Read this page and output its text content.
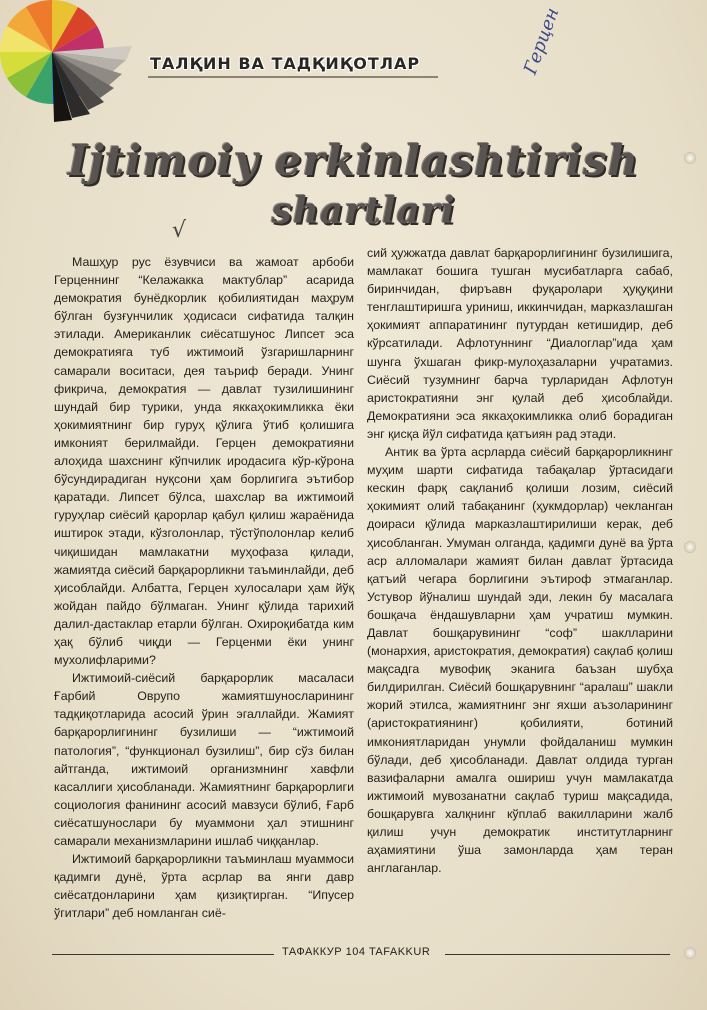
ТАЛҚИН ВА ТАДҚИҚОТЛАР	Герцен
Ijtimoiy erkinlashtirish
shartlari
√

Машҳур рус ёзувчиси ва жамоат арбоби Герценнинг “Келажакка мактублар” асарида демократия бунёдкорлик қобилиятидан маҳрум бўлган бузғунчилик ҳодисаси сифатида талқин этилади. Американлик сиёсатшунос Липсет эса демократияга туб ижтимоий ўзгаришларнинг самарали воситаси, дея таъриф беради. Унинг фикрича, демократия — давлат тузилишининг шундай бир турики, унда яккаҳокимликка ёки ҳокимиятнинг бир гуруҳ қўлига ўтиб қолишига имконият берилмайди. Герцен демократияни алоҳида шахснинг кўпчилик иродасига кўр-кўрона бўсундирадиган нуқсони ҳам борлигига эътибор қаратади. Липсет бўлса, шахслар ва ижтимоий гуруҳлар сиёсий қарорлар қабул қилиш жараёнида иштирок этади, кўзголонлар, тўстўполонлар келиб чиқишидан мамлакатни муҳофаза қилади, жамиятда сиёсий барқарорликни таъминлайди, деб ҳисоблайди. Албатта, Герцен хулосалари ҳам йўқ жойдан пайдо бўлмаган. Унинг қўлида тарихий далил-дастаклар етарли бўлган. Охироқибатда ким ҳақ бўлиб чиқди — Герценми ёки унинг мухолифларими?

Ижтимоий-сиёсий барқарорлик масаласи Ғарбий Оврупо жамиятшуносларининг тадқиқотларида асосий ўрин эгаллайди. Жамият барқарорлигининг бузилиши — “ижтимоий патология”, “функционал бузилиш”, бир сўз билан айтганда, ижтимоий организмнинг хавфли касаллиги ҳисобланади. Жамиятнинг барқарорлиги социология фанининг асосий мавзуси бўлиб, Ғарб сиёсатшунослари бу муаммони ҳал этишнинг самарали механизмларини ишлаб чиққанлар.

Ижтимоий барқарорликни таъминлаш муаммоси қадимги дунё, ўрта асрлар ва янги давр сиёсатдонларини ҳам қизиқтирган. “Ипусер ўгитлари” деб номланган сиё-

сий ҳужжатда давлат барқарорлигининг бузилишига, мамлакат бошига тушган мусибатларга сабаб, биринчидан, фиръавн фуқаролари ҳуқуқини тенглаштиришга уриниш, иккинчидан, марказлашган ҳокимият аппаратининг путурдан кетишидир, деб кўрсатилади. Афлотуннинг “Диалоглар”ида ҳам шунга ўхшаган фикр-мулоҳазаларни учратамиз. Сиёсий тузумнинг барча турларидан Афлотун аристократияни энг қулай деб ҳисоблайди. Демократияни эса яккаҳокимликка олиб борадиган энг қисқа йўл сифатида қатъиян рад этади.

Антик ва ўрта асрларда сиёсий барқарорликнинг муҳим шарти сифатида табақалар ўртасидаги кескин фарқ сақланиб қолиши лозим, сиёсий ҳокимият олий табақанинг (ҳукмдорлар) чекланган доираси қўлида марказлаштирилиши керак, деб ҳисобланган. Умуман олганда, қадимги дунё ва ўрта аср алломалари жамият билан давлат ўртасида қатъий чегара борлигини эътироф этмаганлар. Устувор йўналиш шундай эди, лекин бу масалага бошқача ёндашувларни ҳам учратиш мумкин. Давлат бошқарувининг “соф” шаклларини (монархия, аристократия, демократия) сақлаб қолиш мақсадга мувофиқ эканига баъзан шубҳа билдирилган. Сиёсий бошқарувнинг “аралаш” шакли жорий этилса, жамиятнинг энг яхши аъзоларининг (аристократиянинг) қобилияти, ботиний имкониятларидан унумли фойдаланиш мумкин бўлади, деб ҳисобланади. Давлат олдида турган вазифаларни амалга ошириш учун мамлакатда ижтимоий мувозанатни сақлаб туриш мақсадида, бошқарувга халқнинг кўплаб вакилларини жалб қилиш учун демократик институтларнинг аҳамиятини ўша замонларда ҳам теран англаганлар.

ТАФАККУР 104 TAFAKKUR
